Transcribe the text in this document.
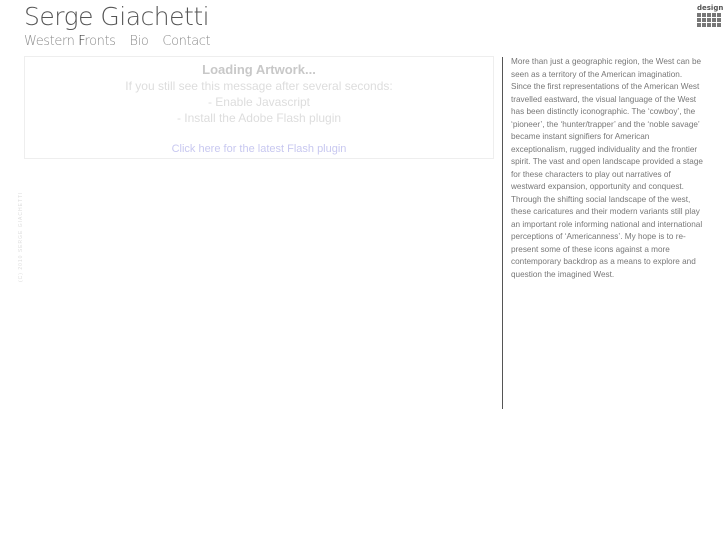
Serge Giachetti	design
Western Fronts Bio Contact
Loading Artwork...
If you still see this message after several seconds:
- Enable Javascript
- Install the Adobe Flash plugin
Click here for the latest Flash plugin
(C) 2010 SERGE GIACHETTI

More than just a geographic region, the West can be seen as a territory of the American imagination. Since the first representations of the American West travelled eastward, the visual language of the West has been distinctly iconographic. The ‘cowboy’, the ‘pioneer’, the ‘hunter/trapper’ and the ‘noble savage’ became instant signifiers for American exceptionalism, rugged individuality and the frontier spirit. The vast and open landscape provided a stage for these characters to play out narratives of westward expansion, opportunity and conquest.

Through the shifting social landscape of the west, these caricatures and their modern variants still play an important role informing national and international perceptions of ‘Americanness’. My hope is to re-present some of these icons against a more contemporary backdrop as a means to explore and question the imagined West.
